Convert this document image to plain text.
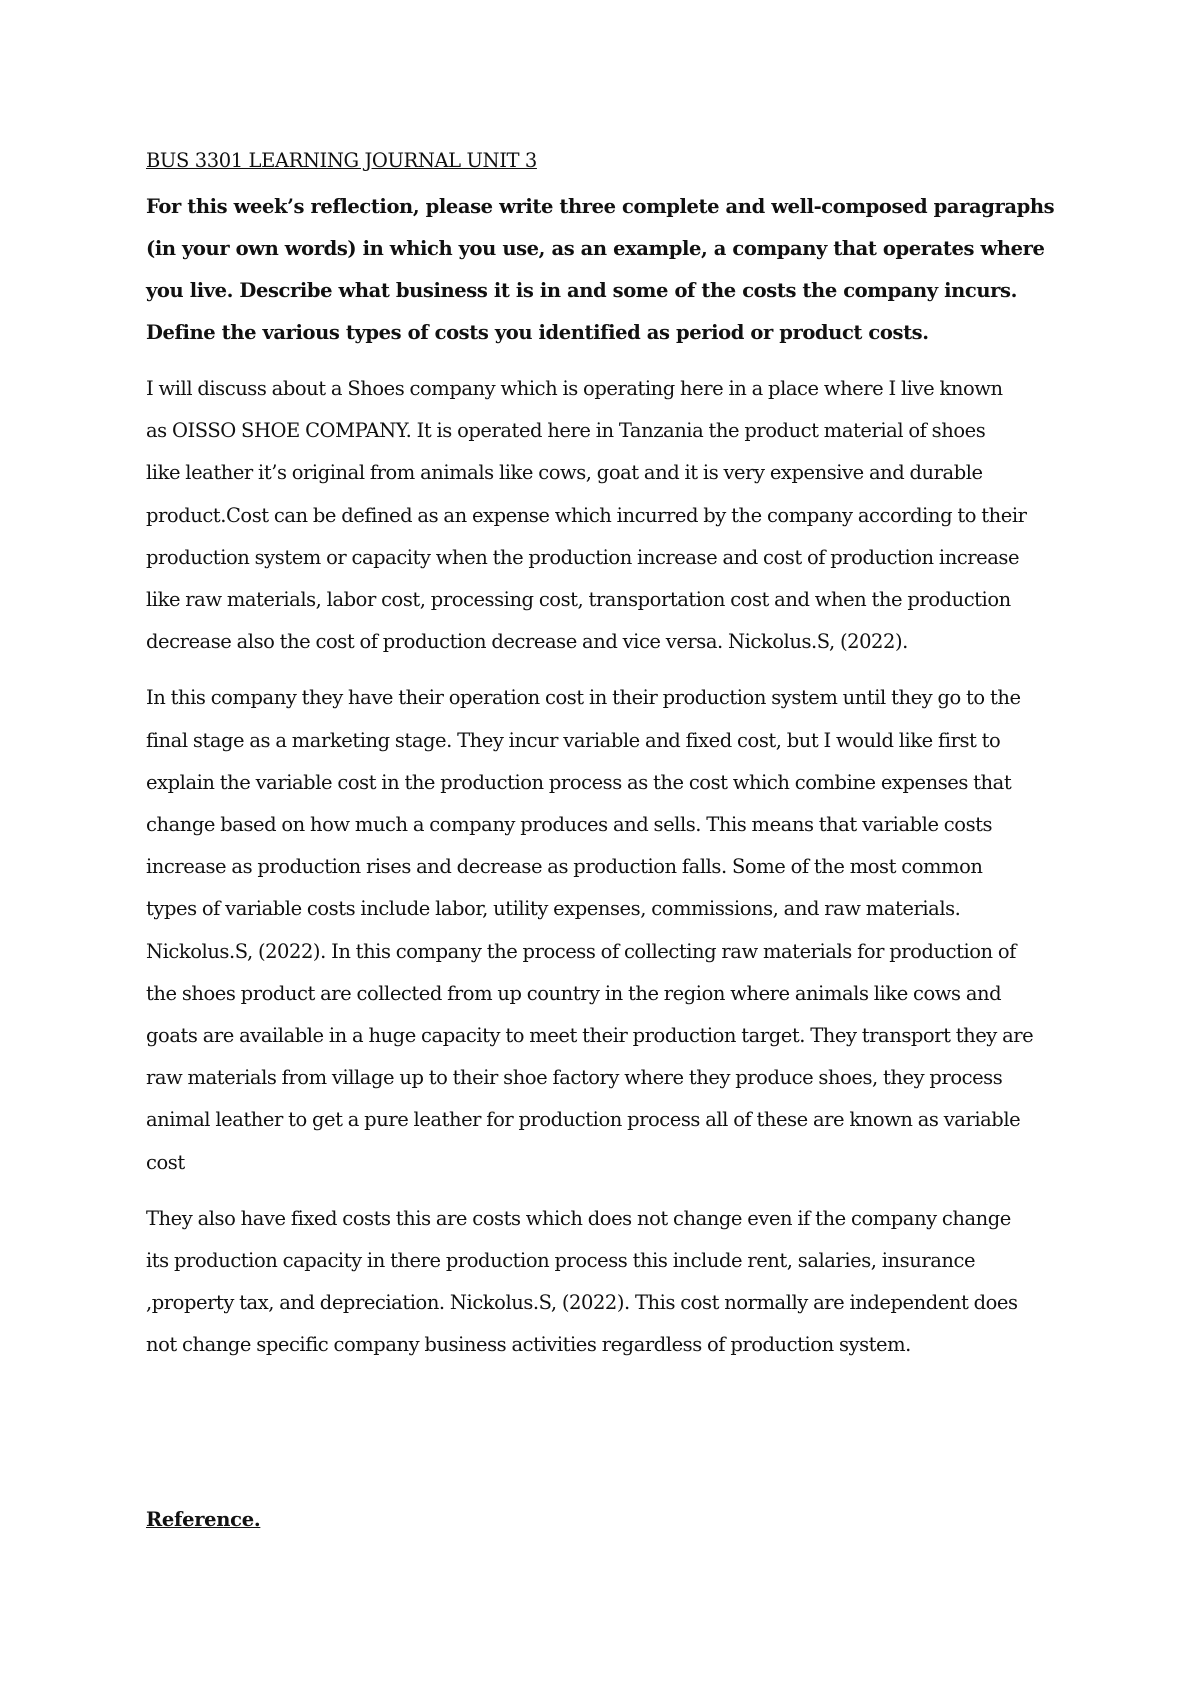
BUS 3301 LEARNING JOURNAL UNIT 3
For this week’s reflection, please write three complete and well-composed paragraphs
(in your own words) in which you use, as an example, a company that operates where
you live. Describe what business it is in and some of the costs the company incurs.
Define the various types of costs you identified as period or product costs.
I will discuss about a Shoes company which is operating here in a place where I live known
as OISSO SHOE COMPANY. It is operated here in Tanzania the product material of shoes
like leather it’s original from animals like cows, goat and it is very expensive and durable
product.Cost can be defined as an expense which incurred by the company according to their
production system or capacity when the production increase and cost of production increase
like raw materials, labor cost, processing cost, transportation cost and when the production
decrease also the cost of production decrease and vice versa. Nickolus.S, (2022).
In this company they have their operation cost in their production system until they go to the
final stage as a marketing stage. They incur variable and fixed cost, but I would like first to
explain the variable cost in the production process as the cost which combine expenses that
change based on how much a company produces and sells. This means that variable costs
increase as production rises and decrease as production falls. Some of the most common
types of variable costs include labor, utility expenses, commissions, and raw materials.
Nickolus.S, (2022). In this company the process of collecting raw materials for production of
the shoes product are collected from up country in the region where animals like cows and
goats are available in a huge capacity to meet their production target. They transport they are
raw materials from village up to their shoe factory where they produce shoes, they process
animal leather to get a pure leather for production process all of these are known as variable
cost
They also have fixed costs this are costs which does not change even if the company change
its production capacity in there production process this include rent, salaries, insurance
,property tax, and depreciation. Nickolus.S, (2022). This cost normally are independent does
not change specific company business activities regardless of production system.
Reference.
